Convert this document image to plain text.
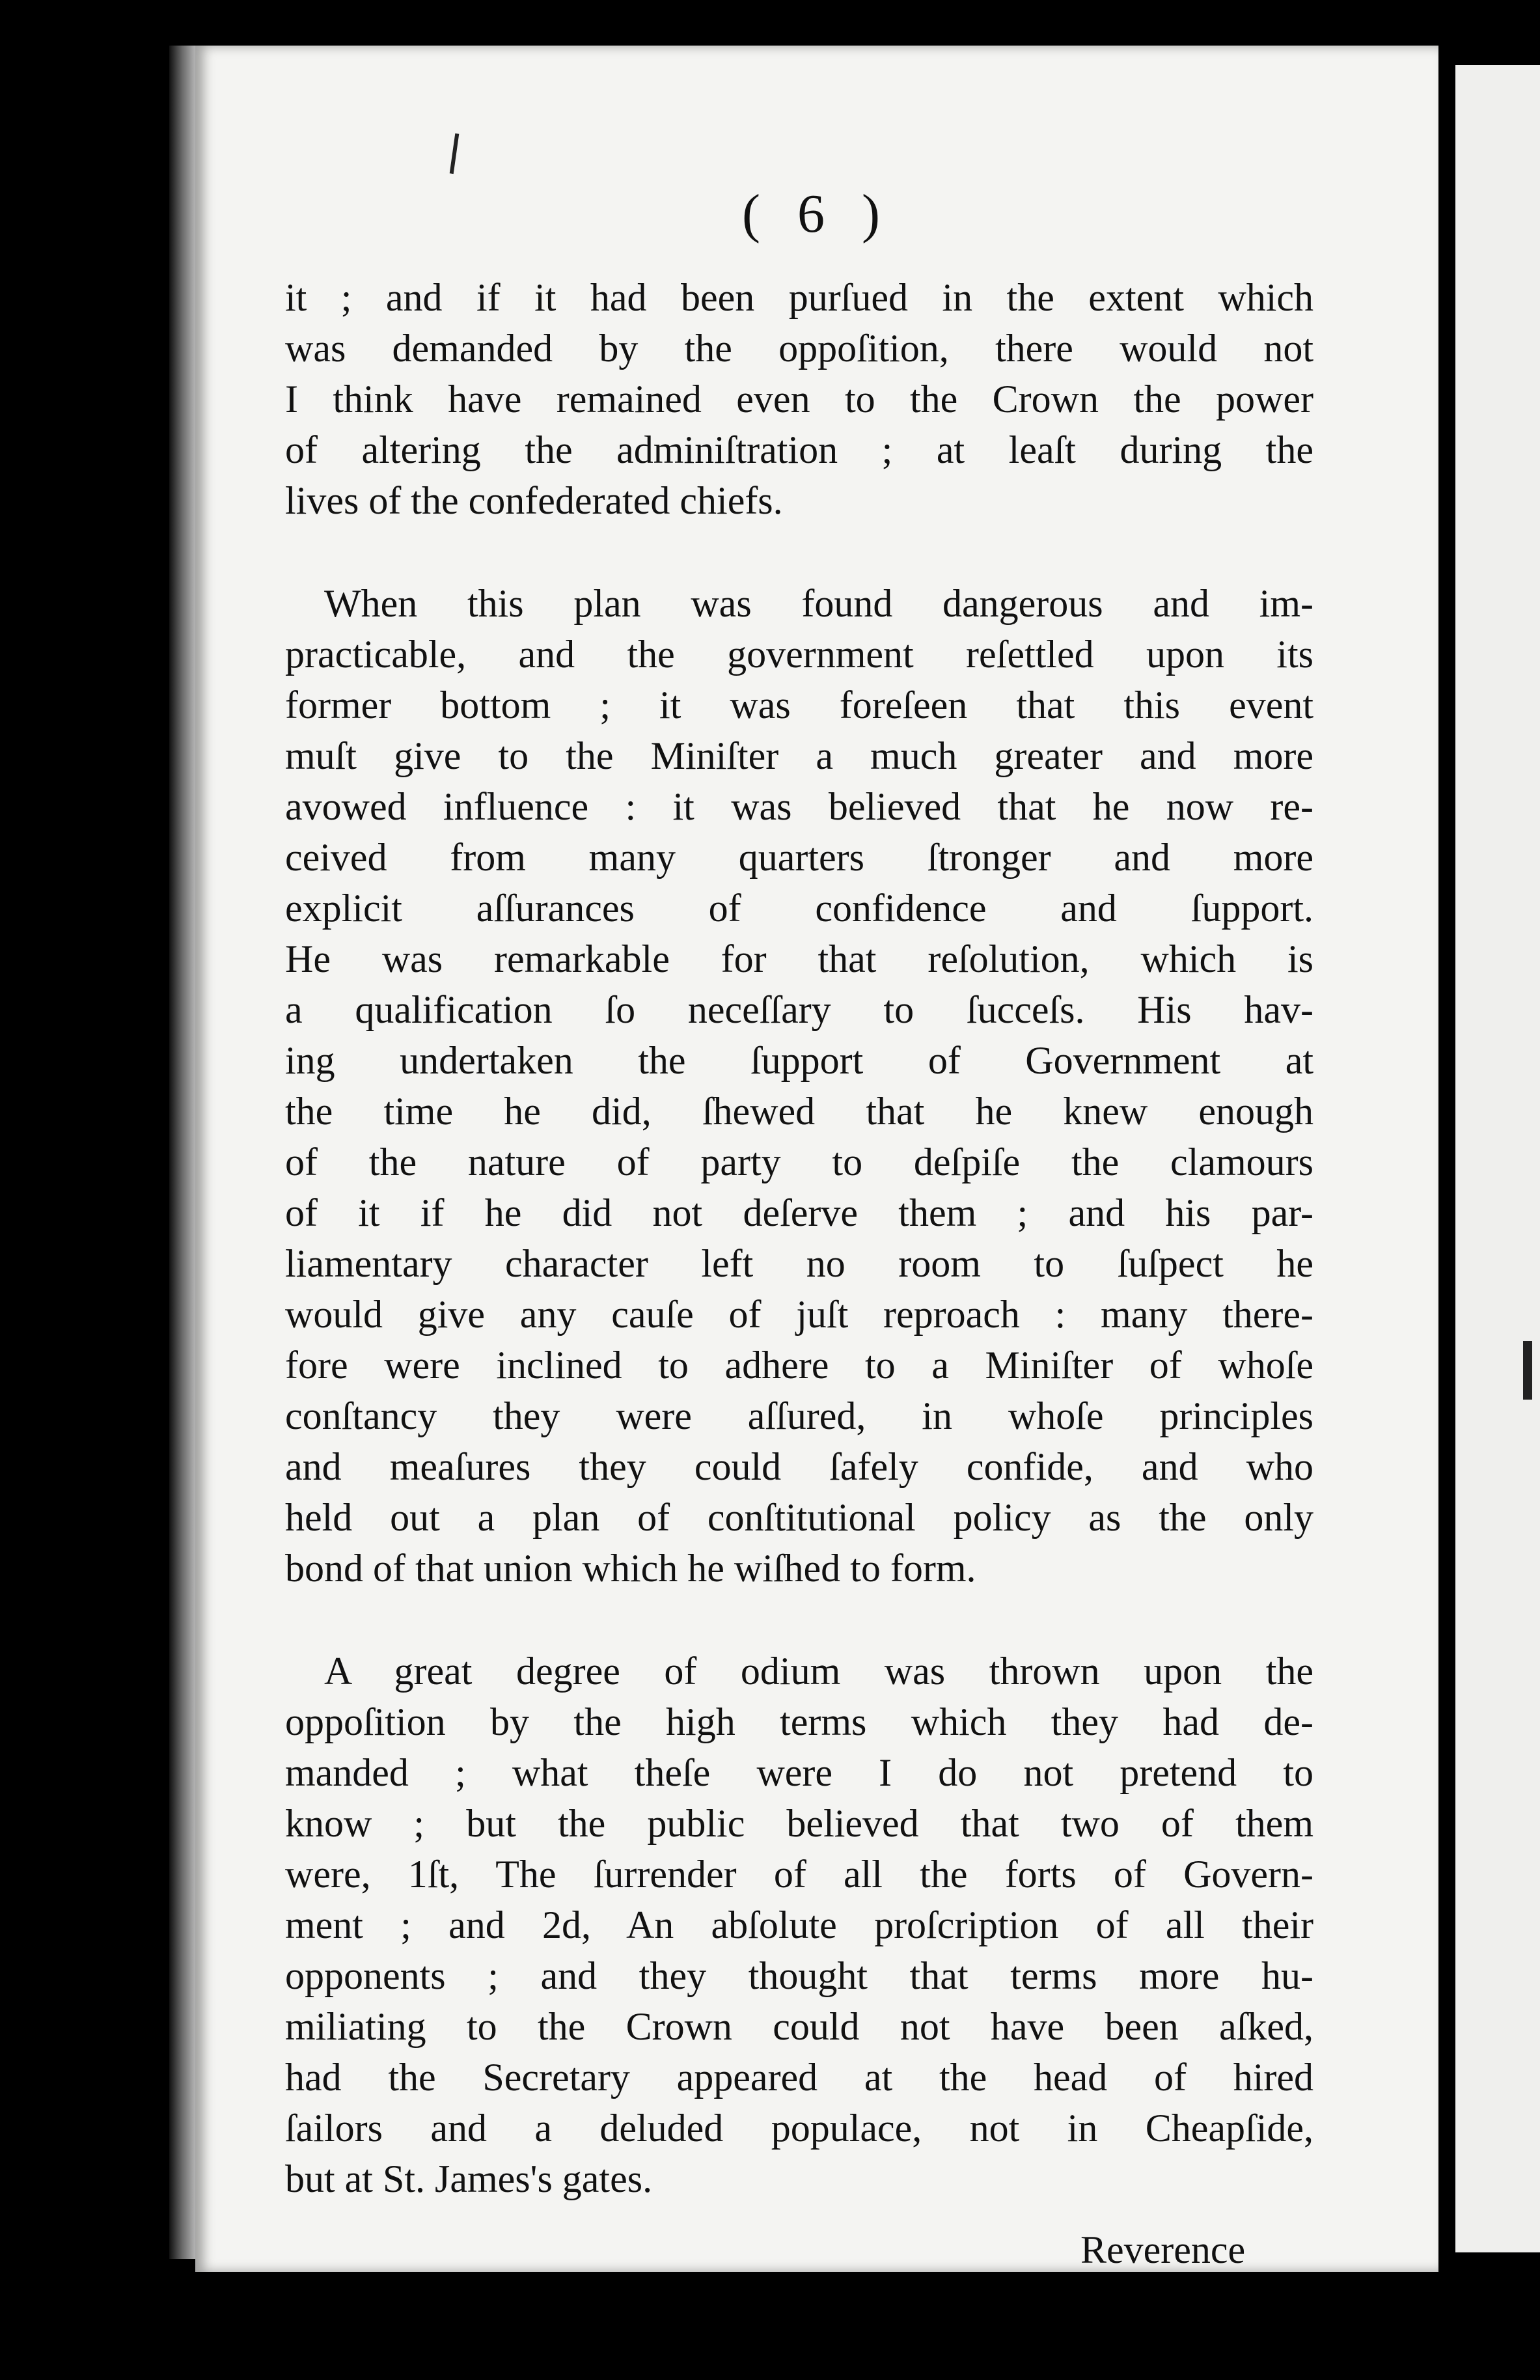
( 6 )
it ; and if it had been purſued in the extent which
was demanded by the oppoſition, there would not
I think have remained even to the Crown the power
of altering the adminiſtration ; at leaſt during the
lives of the confederated chiefs.
When this plan was found dangerous and im-
practicable, and the government reſettled upon its
former bottom ; it was foreſeen that this event
muſt give to the Miniſter a much greater and more
avowed influence : it was believed that he now re-
ceived from many quarters ſtronger and more
explicit aſſurances of confidence and ſupport.
He was remarkable for that reſolution, which is
a qualification ſo neceſſary to ſucceſs. His hav-
ing undertaken the ſupport of Government at
the time he did, ſhewed that he knew enough
of the nature of party to deſpiſe the clamours
of it if he did not deſerve them ; and his par-
liamentary character left no room to ſuſpect he
would give any cauſe of juſt reproach : many there-
fore were inclined to adhere to a Miniſter of whoſe
conſtancy they were aſſured, in whoſe principles
and meaſures they could ſafely confide, and who
held out a plan of conſtitutional policy as the only
bond of that union which he wiſhed to form.
A great degree of odium was thrown upon the
oppoſition by the high terms which they had de-
manded ; what theſe were I do not pretend to
know ; but the public believed that two of them
were, 1ſt, The ſurrender of all the forts of Govern-
ment ; and 2d, An abſolute proſcription of all their
opponents ; and they thought that terms more hu-
miliating to the Crown could not have been aſked,
had the Secretary appeared at the head of hired
ſailors and a deluded populace, not in Cheapſide,
but at St. James's gates.
Reverence
